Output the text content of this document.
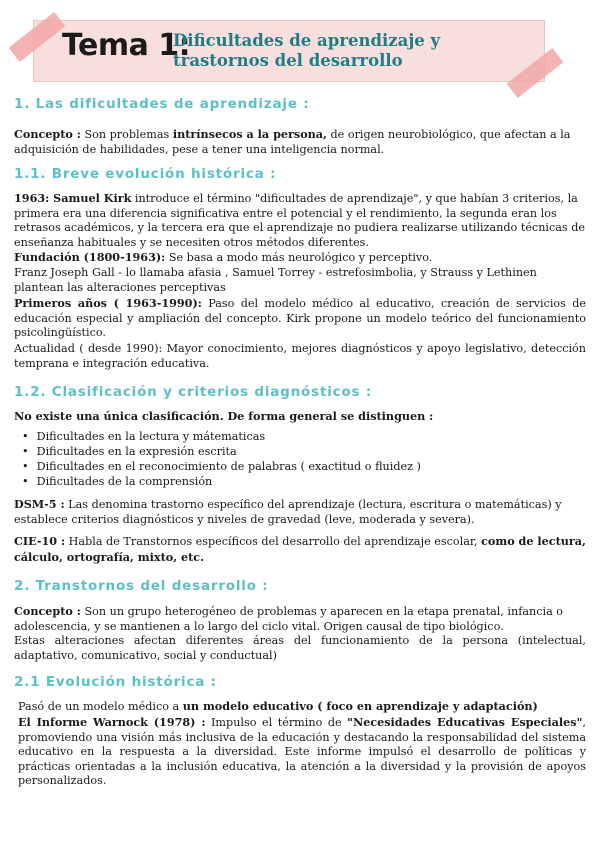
Tema 1:
Dificultades de aprendizaje y
trastornos del desarrollo
1. Las dificultades de aprendizaje :
Concepto : Son problemas intrínsecos a la persona, de origen neurobiológico, que afectan a la adquisición de habilidades, pese a tener una inteligencia normal.
1.1. Breve evolución histórica :
1963: Samuel Kirk introduce el término "dificultades de aprendizaje", y que habían 3 criterios, la primera era una diferencia significativa entre el potencial y el rendimiento, la segunda eran los retrasos académicos, y la tercera era que el aprendizaje no pudiera realizarse utilizando técnicas de enseñanza habituales y se necesiten otros métodos diferentes.
Fundación (1800-1963): Se basa a modo más neurológico y perceptivo.
Franz Joseph Gall - lo llamaba afasia , Samuel Torrey - estrefosimbolia, y Strauss y Lethinen plantean las alteraciones perceptivas
Primeros años ( 1963-1990): Paso del modelo médico al educativo, creación de servicios de educación especial y ampliación del concepto. Kirk propone un modelo teórico del funcionamiento psicolingüístico.
Actualidad ( desde 1990): Mayor conocimiento, mejores diagnósticos y apoyo legislativo, detección temprana e integración educativa.
1.2. Clasificación y criterios diagnósticos :
No existe una única clasificación. De forma general se distinguen :
• Dificultades en la lectura y mátematicas
• Dificultades en la expresión escrita
• Dificultades en el reconocimiento de palabras ( exactitud o fluidez )
• Dificultades de la comprensión
DSM-5 : Las denomina trastorno específico del aprendizaje (lectura, escritura o matemáticas) y establece criterios diagnósticos y niveles de gravedad (leve, moderada y severa).
CIE-10 : Habla de Transtornos específicos del desarrollo del aprendizaje escolar, como de lectura, cálculo, ortografía, mixto, etc.
2. Transtornos del desarrollo :
Concepto : Son un grupo heterogéneo de problemas y aparecen en la etapa prenatal, infancia o adolescencia, y se mantienen a lo largo del ciclo vital. Origen causal de tipo biológico.
Estas alteraciones afectan diferentes áreas del funcionamiento de la persona (intelectual, adaptativo, comunicativo, social y conductual)
2.1 Evolución histórica :
Pasó de un modelo médico a un modelo educativo ( foco en aprendizaje y adaptación)
El Informe Warnock (1978) : Impulso el término de "Necesidades Educativas Especiales", promoviendo una visión más inclusiva de la educación y destacando la responsabilidad del sistema educativo en la respuesta a la diversidad. Este informe impulsó el desarrollo de políticas y prácticas orientadas a la inclusión educativa, la atención a la diversidad y la provisión de apoyos personalizados.
